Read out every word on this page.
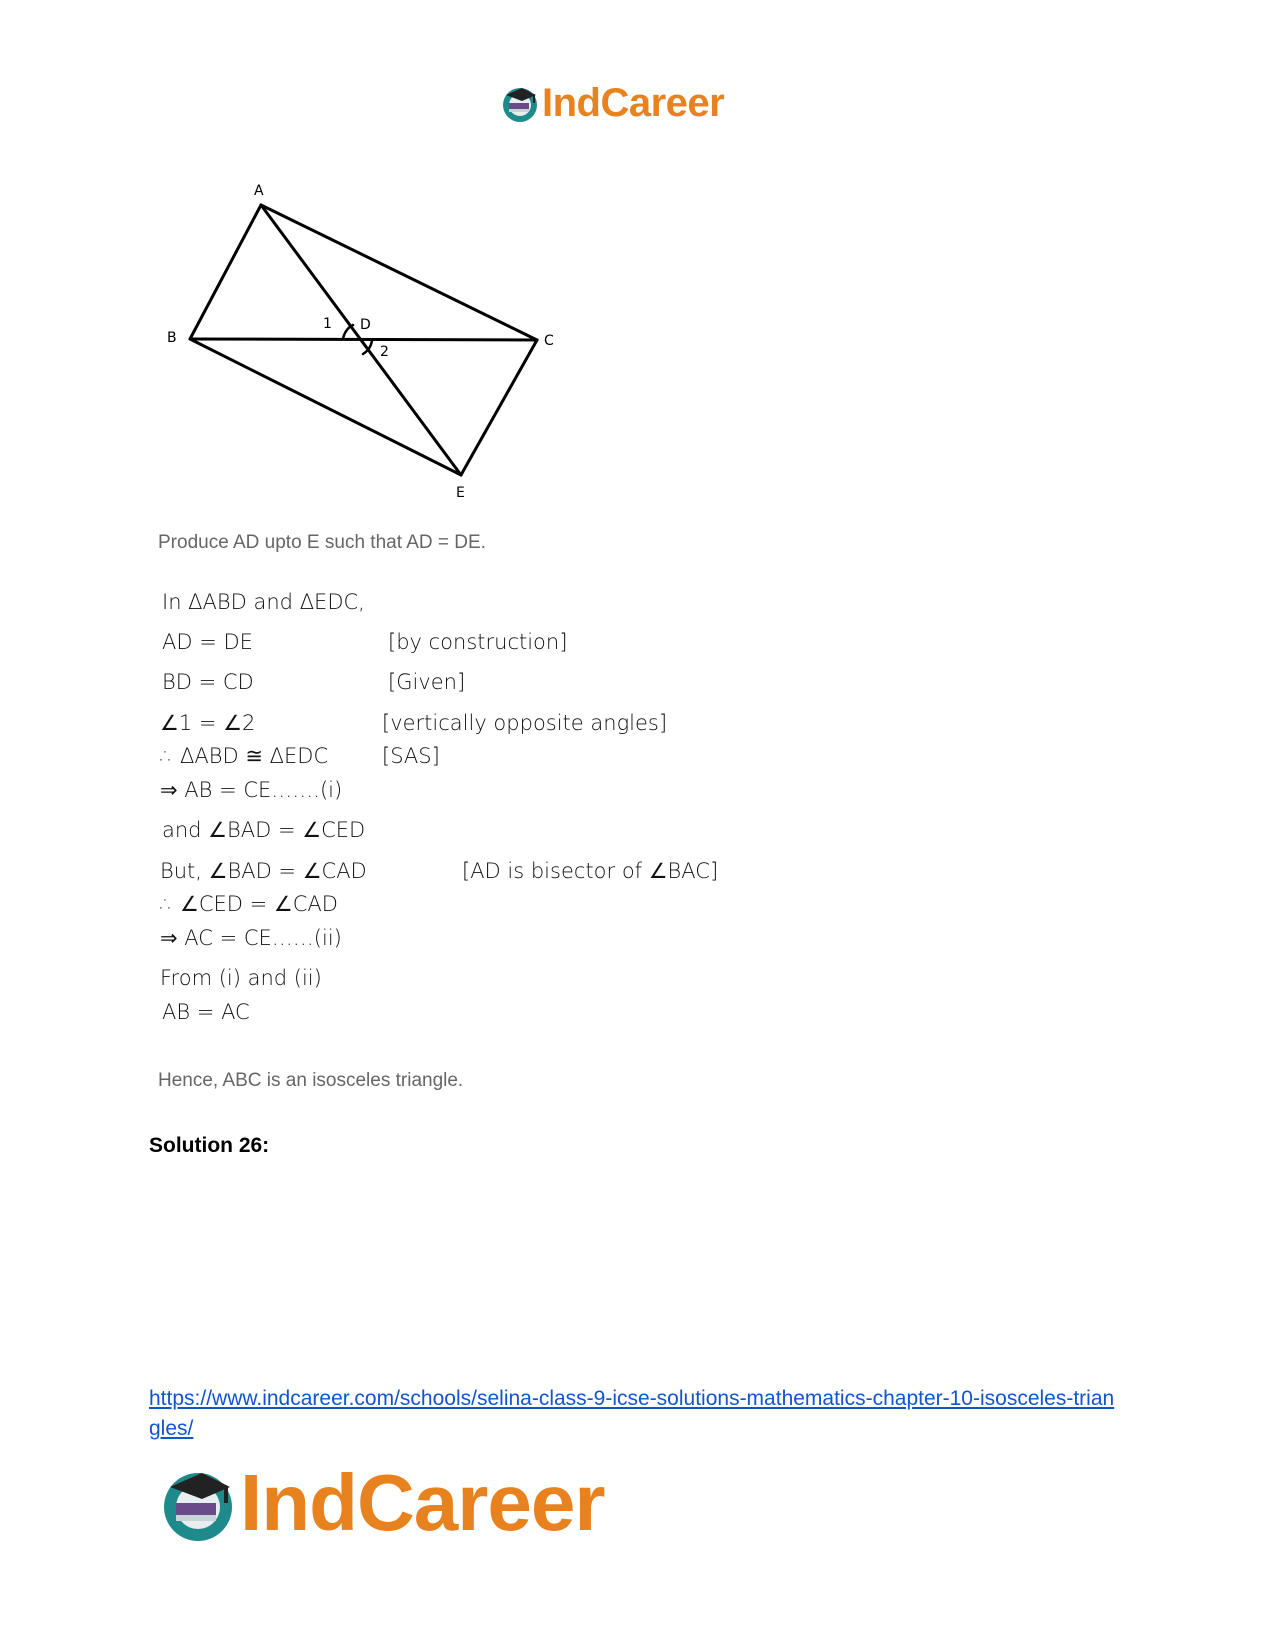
IndCareer
A
B	C
D
E
1
2
Produce AD upto E such that AD = DE.
In ΔABD and ΔEDC,
AD = DE	[by construction]
BD = CD	[Given]
∠1 = ∠2	[vertically opposite angles]
∴ ΔABD ≅ ΔEDC	[SAS]
⇒ AB = CE…….(i)
and ∠BAD = ∠CED
But, ∠BAD = ∠CAD	[AD is bisector of ∠BAC]
∴ ∠CED = ∠CAD
⇒ AC = CE……(ii)
From (i) and (ii)
AB = AC
Hence, ABC is an isosceles triangle.
Solution 26:
https://www.indcareer.com/schools/selina-class-9-icse-solutions-mathematics-chapter-10-isosceles-triangles/
IndCareer
